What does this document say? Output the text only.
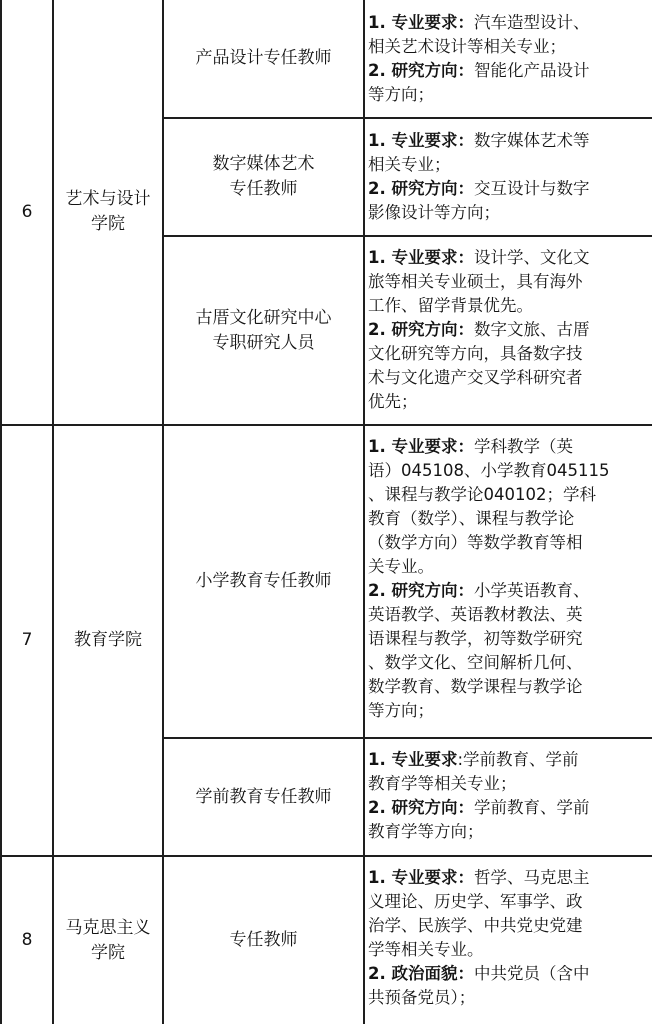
6
艺术与设计
学院
产品设计专任教师

1. 专业要求：汽车造型设计、

相关艺术设计等相关专业；

2. 研究方向：智能化产品设计

等方向；

数字媒体艺术
专任教师

1. 专业要求：数字媒体艺术等

相关专业；

2. 研究方向：交互设计与数字

影像设计等方向；

古厝文化研究中心
专职研究人员

1. 专业要求：设计学、文化文

旅等相关专业硕士，具有海外

工作、留学背景优先。

2. 研究方向：数字文旅、古厝

文化研究等方向，具备数字技

术与文化遗产交叉学科研究者

优先；

7 教育学院
小学教育专任教师

1. 专业要求：学科教学（英

语）045108、小学教育045115

、课程与教学论040102；学科

教育（数学）、课程与教学论

（数学方向）等数学教育等相

关专业。

2. 研究方向：小学英语教育、

英语教学、英语教材教法、英

语课程与教学，初等数学研究

、数学文化、空间解析几何、

数学教育、数学课程与教学论

等方向；

学前教育专任教师

1. 专业要求:学前教育、学前

教育学等相关专业；

2. 研究方向：学前教育、学前

教育学等方向；

8
马克思主义
学院
专任教师

1. 专业要求：哲学、马克思主

义理论、历史学、军事学、政

治学、民族学、中共党史党建

学等相关专业。

2. 政治面貌：中共党员（含中

共预备党员）；
